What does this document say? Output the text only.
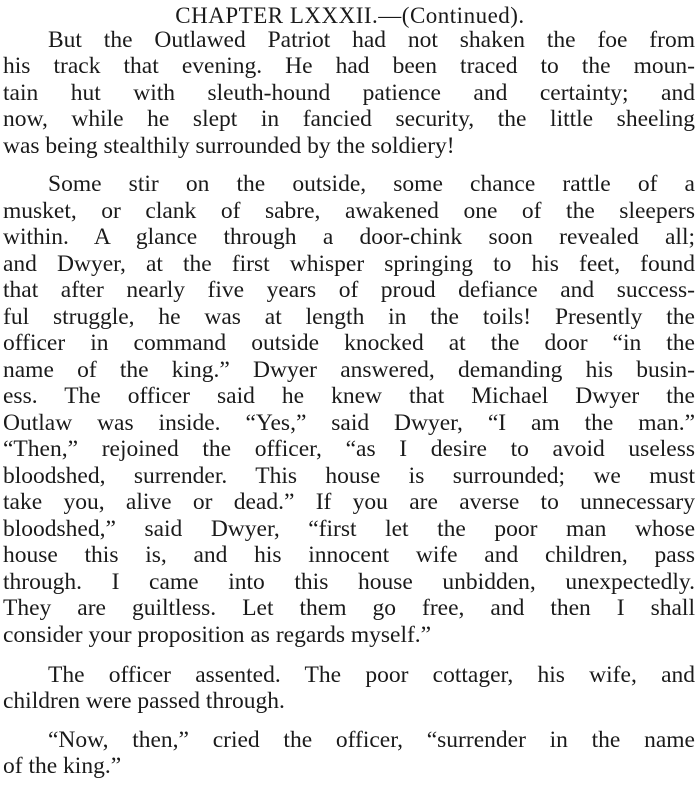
CHAPTER LXXXII.—(Continued).
But the Outlawed Patriot had not shaken the foe from
his track that evening. He had been traced to the moun-
tain hut with sleuth-hound patience and certainty; and
now, while he slept in fancied security, the little sheeling
was being stealthily surrounded by the soldiery!
Some stir on the outside, some chance rattle of a
musket, or clank of sabre, awakened one of the sleepers
within. A glance through a door-chink soon revealed all;
and Dwyer, at the first whisper springing to his feet, found
that after nearly five years of proud defiance and success-
ful struggle, he was at length in the toils! Presently the
officer in command outside knocked at the door “in the
name of the king.” Dwyer answered, demanding his busin-
ess. The officer said he knew that Michael Dwyer the
Outlaw was inside. “Yes,” said Dwyer, “I am the man.”
“Then,” rejoined the officer, “as I desire to avoid useless
bloodshed, surrender. This house is surrounded; we must
take you, alive or dead.” If you are averse to unnecessary
bloodshed,” said Dwyer, “first let the poor man whose
house this is, and his innocent wife and children, pass
through. I came into this house unbidden, unexpectedly.
They are guiltless. Let them go free, and then I shall
consider your proposition as regards myself.”
The officer assented. The poor cottager, his wife, and
children were passed through.
“Now, then,” cried the officer, “surrender in the name
of the king.”
